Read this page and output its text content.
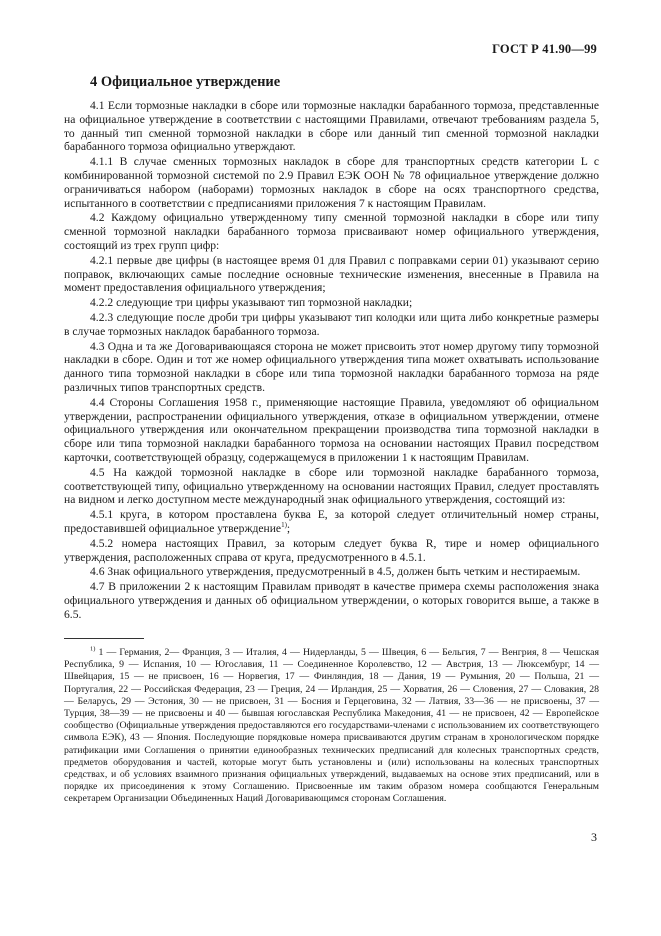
ГОСТ Р 41.90—99
4 Официальное утверждение

4.1 Если тормозные накладки в сборе или тормозные накладки барабанного тормоза, представленные на официальное утверждение в соответствии с настоящими Правилами, отвечают требованиям раздела 5, то данный тип сменной тормозной накладки в сборе или данный тип сменной тормозной накладки барабанного тормоза официально утверждают.

4.1.1 В случае сменных тормозных накладок в сборе для транспортных средств категории L с комбинированной тормозной системой по 2.9 Правил ЕЭК ООН № 78 официальное утверждение должно ограничиваться набором (наборами) тормозных накладок в сборе на осях транспортного средства, испытанного в соответствии с предписаниями приложения 7 к настоящим Правилам.

4.2 Каждому официально утвержденному типу сменной тормозной накладки в сборе или типу сменной тормозной накладки барабанного тормоза присваивают номер официального утверждения, состоящий из трех групп цифр:

4.2.1 первые две цифры (в настоящее время 01 для Правил с поправками серии 01) указывают серию поправок, включающих самые последние основные технические изменения, внесенные в Правила на момент предоставления официального утверждения;

4.2.2 следующие три цифры указывают тип тормозной накладки;

4.2.3 следующие после дроби три цифры указывают тип колодки или щита либо конкретные размеры в случае тормозных накладок барабанного тормоза.

4.3 Одна и та же Договаривающаяся сторона не может присвоить этот номер другому типу тормозной накладки в сборе. Один и тот же номер официального утверждения типа может охватывать использование данного типа тормозной накладки в сборе или типа тормозной накладки барабанного тормоза на ряде различных типов транспортных средств.

4.4 Стороны Соглашения 1958 г., применяющие настоящие Правила, уведомляют об официальном утверждении, распространении официального утверждения, отказе в официальном утверждении, отмене официального утверждения или окончательном прекращении производства типа тормозной накладки в сборе или типа тормозной накладки барабанного тормоза на основании настоящих Правил посредством карточки, соответствующей образцу, содержащемуся в приложении 1 к настоящим Правилам.

4.5 На каждой тормозной накладке в сборе или тормозной накладке барабанного тормоза, соответствующей типу, официально утвержденному на основании настоящих Правил, следует проставлять на видном и легко доступном месте международный знак официального утверждения, состоящий из:

4.5.1 круга, в котором проставлена буква Е, за которой следует отличительный номер страны, предоставившей официальное утверждение$^{1)}$;

4.5.2 номера настоящих Правил, за которым следует буква R, тире и номер официального утверждения, расположенных справа от круга, предусмотренного в 4.5.1.

4.6 Знак официального утверждения, предусмотренный в 4.5, должен быть четким и нестираемым.

4.7 В приложении 2 к настоящим Правилам приводят в качестве примера схемы расположения знака официального утверждения и данных об официальном утверждении, о которых говорится выше, а также в 6.5.

$^{1)}$ 1 — Германия, 2— Франция, 3 — Италия, 4 — Нидерланды, 5 — Швеция, 6 — Бельгия, 7 — Венгрия, 8 — Чешская Республика, 9 — Испания, 10 — Югославия, 11 — Соединенное Королевство, 12 — Австрия, 13 — Люксембург, 14 — Швейцария, 15 — не присвоен, 16 — Норвегия, 17 — Финляндия, 18 — Дания, 19 — Румыния, 20 — Польша, 21 — Португалия, 22 — Российская Федерация, 23 — Греция, 24 — Ирландия, 25 — Хорватия, 26 — Словения, 27 — Словакия, 28 — Беларусь, 29 — Эстония, 30 — не присвоен, 31 — Босния и Герцеговина, 32 — Латвия, 33—36 — не присвоены, 37 — Турция, 38—39 — не присвоены и 40 — бывшая югославская Республика Македония, 41 — не присвоен, 42 — Европейское сообщество (Официальные утверждения предоставляются его государствами-членами с использованием их соответствующего символа ЕЭК), 43 — Япония. Последующие порядковые номера присваиваются другим странам в хронологическом порядке ратификации ими Соглашения о принятии единообразных технических предписаний для колесных транспортных средств, предметов оборудования и частей, которые могут быть установлены и (или) использованы на колесных транспортных средствах, и об условиях взаимного признания официальных утверждений, выдаваемых на основе этих предписаний, или в порядке их присоединения к этому Соглашению. Присвоенные им таким образом номера сообщаются Генеральным секретарем Организации Объединенных Наций Договаривающимся сторонам Соглашения.

3
